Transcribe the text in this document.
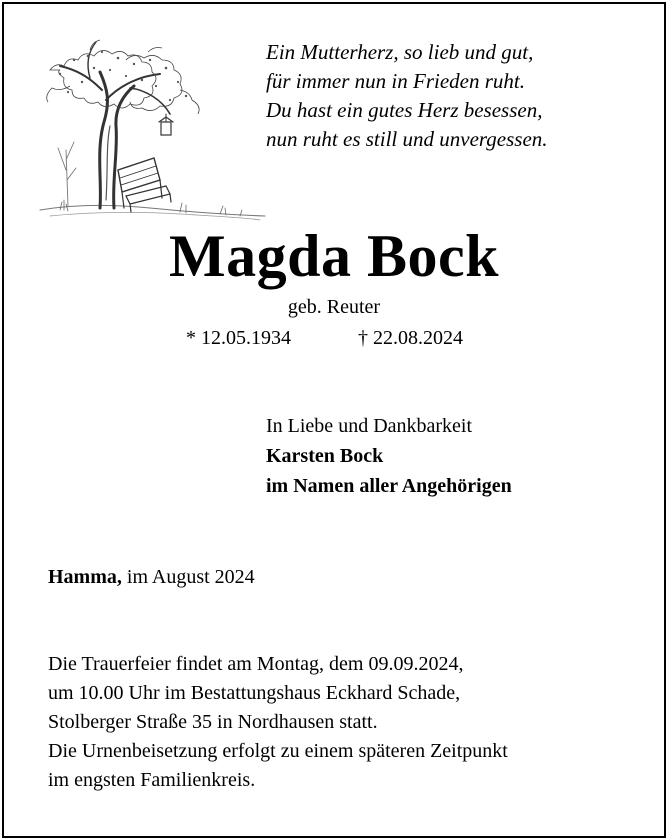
Ein Mutterherz, so lieb und gut,
für immer nun in Frieden ruht.
Du hast ein gutes Herz besessen,
nun ruht es still und unvergessen.
Magda Bock
geb. Reuter
* 12.05.1934	† 22.08.2024
In Liebe und Dankbarkeit
Karsten Bock
im Namen aller Angehörigen
Hamma, im August 2024
Die Trauerfeier findet am Montag, dem 09.09.2024,
um 10.00 Uhr im Bestattungshaus Eckhard Schade,
Stolberger Straße 35 in Nordhausen statt.
Die Urnenbeisetzung erfolgt zu einem späteren Zeitpunkt
im engsten Familienkreis.
